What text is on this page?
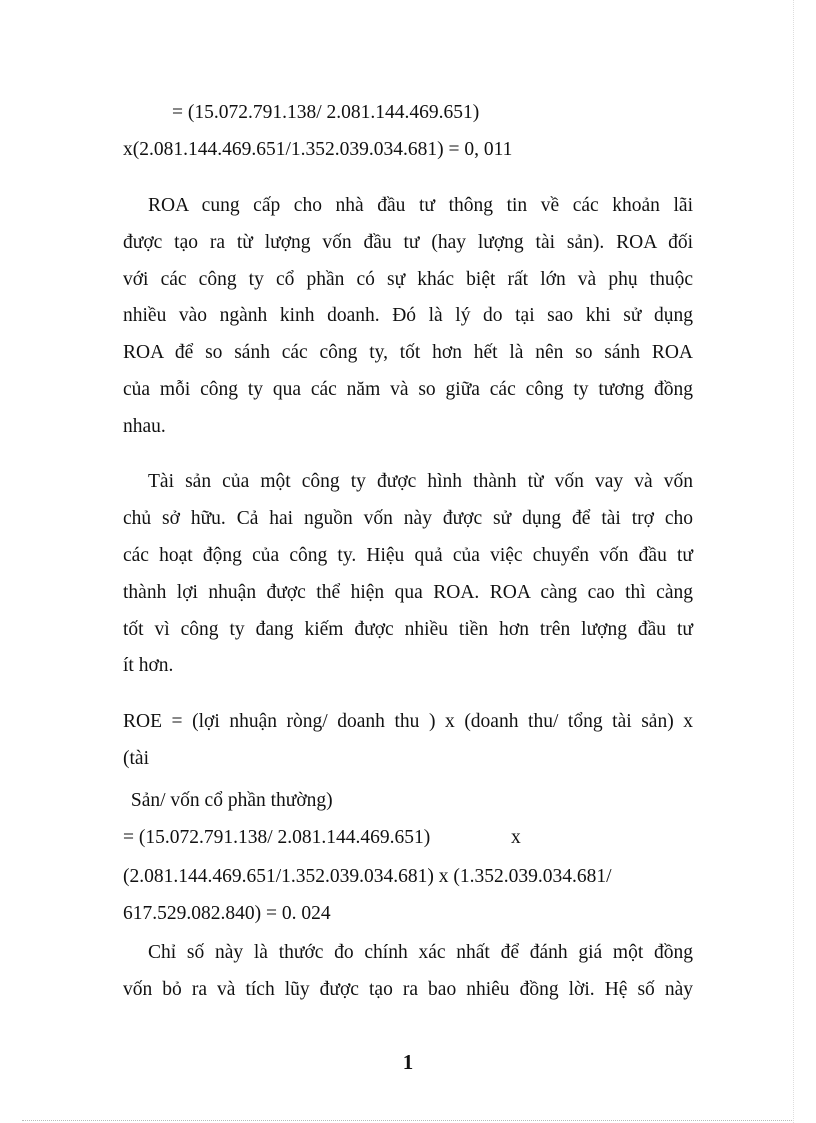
= (15.072.791.138/ 2.081.144.469.651)
x(2.081.144.469.651/1.352.039.034.681) = 0, 011
ROA cung cấp cho nhà đầu tư thông tin về các khoản lãi
được tạo ra từ lượng vốn đầu tư (hay lượng tài sản). ROA đối
với các công ty cổ phần có sự khác biệt rất lớn và phụ thuộc
nhiều vào ngành kinh doanh. Đó là lý do tại sao khi sử dụng
ROA để so sánh các công ty, tốt hơn hết là nên so sánh ROA
của mỗi công ty qua các năm và so giữa các công ty tương đồng
nhau.
Tài sản của một công ty được hình thành từ vốn vay và vốn
chủ sở hữu. Cả hai nguồn vốn này được sử dụng để tài trợ cho
các hoạt động của công ty. Hiệu quả của việc chuyển vốn đầu tư
thành lợi nhuận được thể hiện qua ROA. ROA càng cao thì càng
tốt vì công ty đang kiếm được nhiều tiền hơn trên lượng đầu tư
ít hơn.
ROE = (lợi nhuận ròng/ doanh thu ) x (doanh thu/ tổng tài sản) x
(tài
Sản/ vốn cổ phần thường)
= (15.072.791.138/ 2.081.144.469.651)	x
(2.081.144.469.651/1.352.039.034.681) x (1.352.039.034.681/
617.529.082.840) = 0. 024
Chỉ số này là thước đo chính xác nhất để đánh giá một đồng
vốn bỏ ra và tích lũy được tạo ra bao nhiêu đồng lời. Hệ số này
1
